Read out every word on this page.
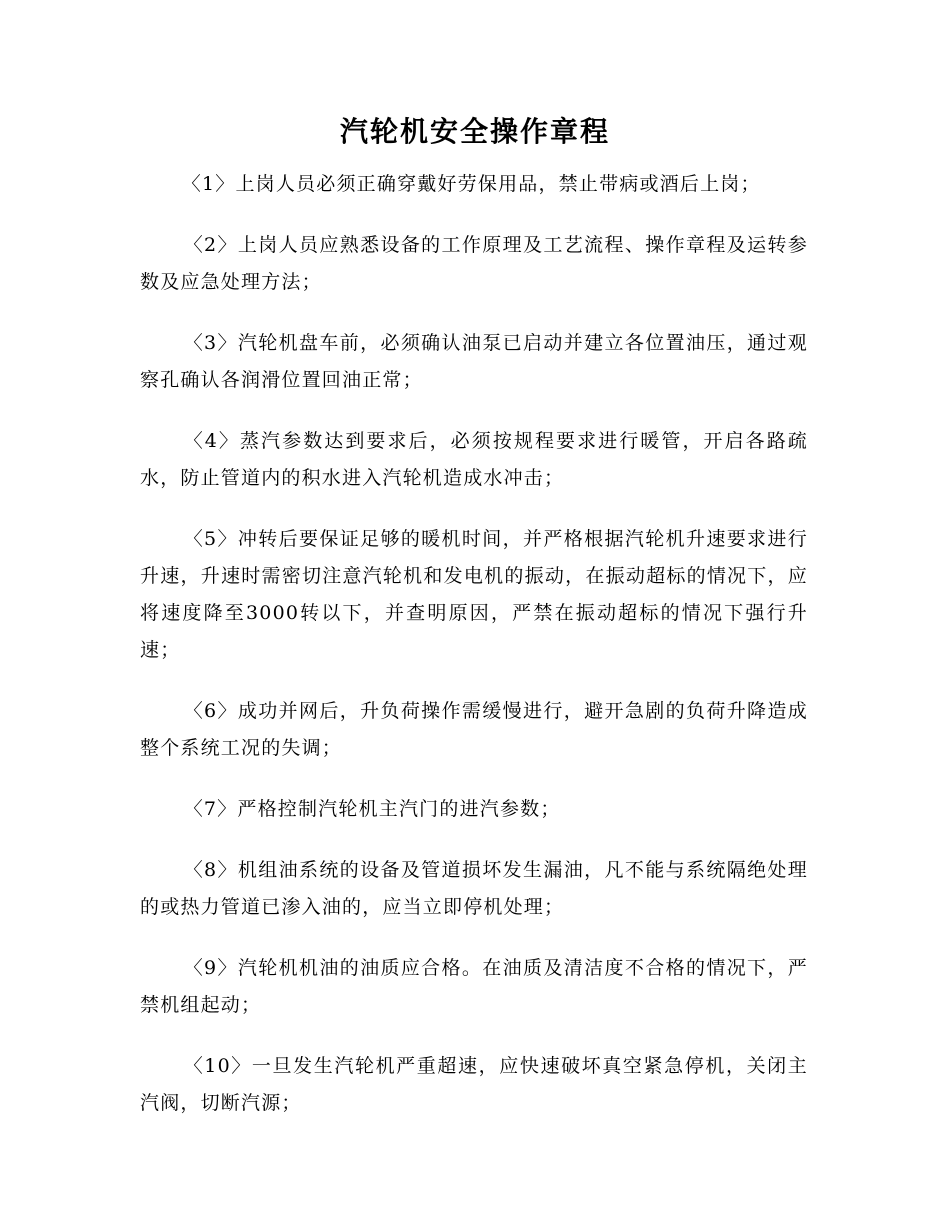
汽轮机安全操作章程

〈1〉上岗人员必须正确穿戴好劳保用品，禁止带病或酒后上岗；

〈2〉上岗人员应熟悉设备的工作原理及工艺流程、操作章程及运转参数及应急处理方法；

〈3〉汽轮机盘车前，必须确认油泵已启动并建立各位置油压，通过观察孔确认各润滑位置回油正常；

〈4〉蒸汽参数达到要求后，必须按规程要求进行暖管，开启各路疏水，防止管道内的积水进入汽轮机造成水冲击；

〈5〉冲转后要保证足够的暖机时间，并严格根据汽轮机升速要求进行升速，升速时需密切注意汽轮机和发电机的振动，在振动超标的情况下，应将速度降至3000转以下，并查明原因，严禁在振动超标的情况下强行升速；

〈6〉成功并网后，升负荷操作需缓慢进行，避开急剧的负荷升降造成整个系统工况的失调；

〈7〉严格控制汽轮机主汽门的进汽参数；

〈8〉机组油系统的设备及管道损坏发生漏油，凡不能与系统隔绝处理的或热力管道已渗入油的，应当立即停机处理；

〈9〉汽轮机机油的油质应合格。在油质及清洁度不合格的情况下，严禁机组起动；

〈10〉一旦发生汽轮机严重超速，应快速破坏真空紧急停机，关闭主汽阀，切断汽源；
